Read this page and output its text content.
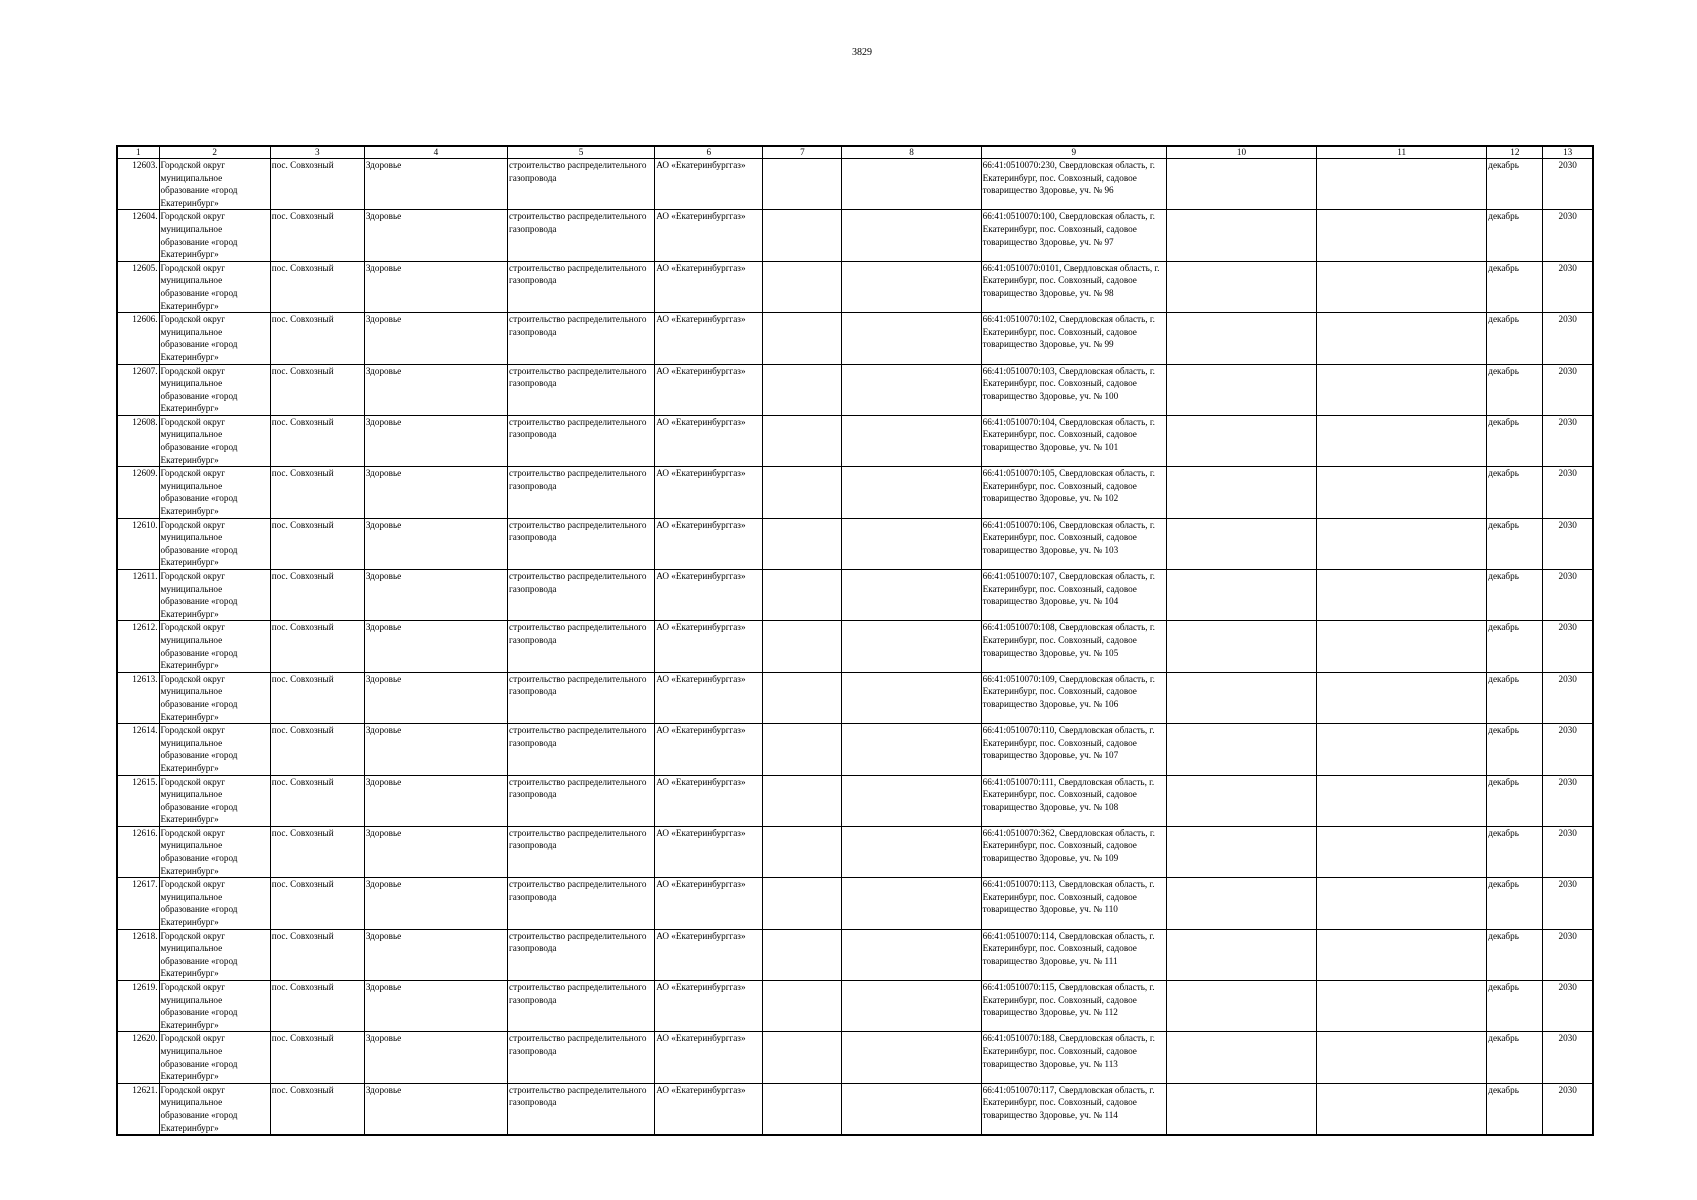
3829
1	2	3	4	5	6	7	8	9	10	11	12	13
12603.	Городской округ муниципальное образование «город Екатеринбург»	пос. Совхозный	Здоровье	строительство распределительного газопровода	АО «Екатеринбурггаз»			66:41:0510070:230, Свердловская область, г. Екатеринбург, пос. Совхозный, садовое товарищество Здоровье, уч. № 96			декабрь	2030
12604.	Городской округ муниципальное образование «город Екатеринбург»	пос. Совхозный	Здоровье	строительство распределительного газопровода	АО «Екатеринбурггаз»			66:41:0510070:100, Свердловская область, г. Екатеринбург, пос. Совхозный, садовое товарищество Здоровье, уч. № 97			декабрь	2030
12605.	Городской округ муниципальное образование «город Екатеринбург»	пос. Совхозный	Здоровье	строительство распределительного газопровода	АО «Екатеринбурггаз»			66:41:0510070:0101, Свердловская область, г. Екатеринбург, пос. Совхозный, садовое товарищество Здоровье, уч. № 98			декабрь	2030
12606.	Городской округ муниципальное образование «город Екатеринбург»	пос. Совхозный	Здоровье	строительство распределительного газопровода	АО «Екатеринбурггаз»			66:41:0510070:102, Свердловская область, г. Екатеринбург, пос. Совхозный, садовое товарищество Здоровье, уч. № 99			декабрь	2030
12607.	Городской округ муниципальное образование «город Екатеринбург»	пос. Совхозный	Здоровье	строительство распределительного газопровода	АО «Екатеринбурггаз»			66:41:0510070:103, Свердловская область, г. Екатеринбург, пос. Совхозный, садовое товарищество Здоровье, уч. № 100			декабрь	2030
12608.	Городской округ муниципальное образование «город Екатеринбург»	пос. Совхозный	Здоровье	строительство распределительного газопровода	АО «Екатеринбурггаз»			66:41:0510070:104, Свердловская область, г. Екатеринбург, пос. Совхозный, садовое товарищество Здоровье, уч. № 101			декабрь	2030
12609.	Городской округ муниципальное образование «город Екатеринбург»	пос. Совхозный	Здоровье	строительство распределительного газопровода	АО «Екатеринбурггаз»			66:41:0510070:105, Свердловская область, г. Екатеринбург, пос. Совхозный, садовое товарищество Здоровье, уч. № 102			декабрь	2030
12610.	Городской округ муниципальное образование «город Екатеринбург»	пос. Совхозный	Здоровье	строительство распределительного газопровода	АО «Екатеринбурггаз»			66:41:0510070:106, Свердловская область, г. Екатеринбург, пос. Совхозный, садовое товарищество Здоровье, уч. № 103			декабрь	2030
12611.	Городской округ муниципальное образование «город Екатеринбург»	пос. Совхозный	Здоровье	строительство распределительного газопровода	АО «Екатеринбурггаз»			66:41:0510070:107, Свердловская область, г. Екатеринбург, пос. Совхозный, садовое товарищество Здоровье, уч. № 104			декабрь	2030
12612.	Городской округ муниципальное образование «город Екатеринбург»	пос. Совхозный	Здоровье	строительство распределительного газопровода	АО «Екатеринбурггаз»			66:41:0510070:108, Свердловская область, г. Екатеринбург, пос. Совхозный, садовое товарищество Здоровье, уч. № 105			декабрь	2030
12613.	Городской округ муниципальное образование «город Екатеринбург»	пос. Совхозный	Здоровье	строительство распределительного газопровода	АО «Екатеринбурггаз»			66:41:0510070:109, Свердловская область, г. Екатеринбург, пос. Совхозный, садовое товарищество Здоровье, уч. № 106			декабрь	2030
12614.	Городской округ муниципальное образование «город Екатеринбург»	пос. Совхозный	Здоровье	строительство распределительного газопровода	АО «Екатеринбурггаз»			66:41:0510070:110, Свердловская область, г. Екатеринбург, пос. Совхозный, садовое товарищество Здоровье, уч. № 107			декабрь	2030
12615.	Городской округ муниципальное образование «город Екатеринбург»	пос. Совхозный	Здоровье	строительство распределительного газопровода	АО «Екатеринбурггаз»			66:41:0510070:111, Свердловская область, г. Екатеринбург, пос. Совхозный, садовое товарищество Здоровье, уч. № 108			декабрь	2030
12616.	Городской округ муниципальное образование «город Екатеринбург»	пос. Совхозный	Здоровье	строительство распределительного газопровода	АО «Екатеринбурггаз»			66:41:0510070:362, Свердловская область, г. Екатеринбург, пос. Совхозный, садовое товарищество Здоровье, уч. № 109			декабрь	2030
12617.	Городской округ муниципальное образование «город Екатеринбург»	пос. Совхозный	Здоровье	строительство распределительного газопровода	АО «Екатеринбурггаз»			66:41:0510070:113, Свердловская область, г. Екатеринбург, пос. Совхозный, садовое товарищество Здоровье, уч. № 110			декабрь	2030
12618.	Городской округ муниципальное образование «город Екатеринбург»	пос. Совхозный	Здоровье	строительство распределительного газопровода	АО «Екатеринбурггаз»			66:41:0510070:114, Свердловская область, г. Екатеринбург, пос. Совхозный, садовое товарищество Здоровье, уч. № 111			декабрь	2030
12619.	Городской округ муниципальное образование «город Екатеринбург»	пос. Совхозный	Здоровье	строительство распределительного газопровода	АО «Екатеринбурггаз»			66:41:0510070:115, Свердловская область, г. Екатеринбург, пос. Совхозный, садовое товарищество Здоровье, уч. № 112			декабрь	2030
12620.	Городской округ муниципальное образование «город Екатеринбург»	пос. Совхозный	Здоровье	строительство распределительного газопровода	АО «Екатеринбурггаз»			66:41:0510070:188, Свердловская область, г. Екатеринбург, пос. Совхозный, садовое товарищество Здоровье, уч. № 113			декабрь	2030
12621.	Городской округ муниципальное образование «город Екатеринбург»	пос. Совхозный	Здоровье	строительство распределительного газопровода	АО «Екатеринбурггаз»			66:41:0510070:117, Свердловская область, г. Екатеринбург, пос. Совхозный, садовое товарищество Здоровье, уч. № 114			декабрь	2030
